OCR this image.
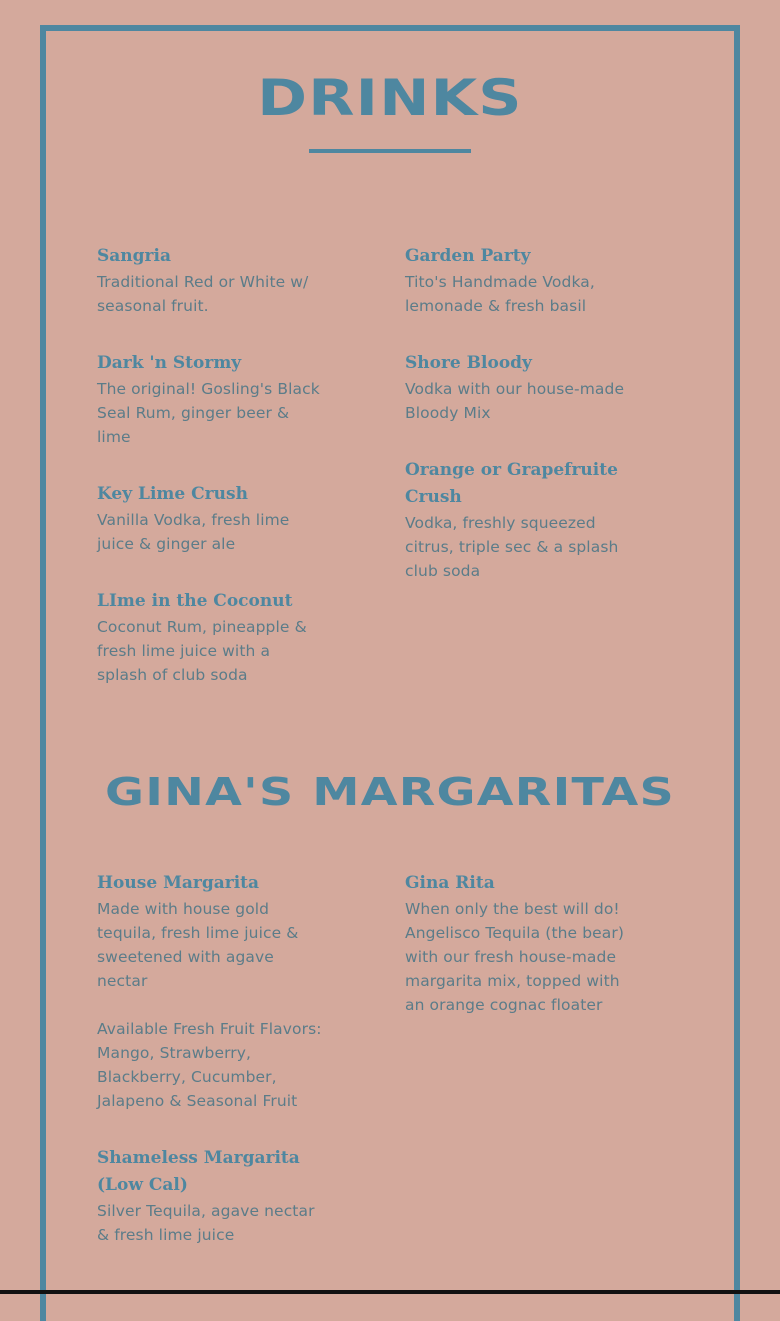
DRINKS
Sangria
Traditional Red or White w/ seasonal fruit.
Dark 'n Stormy
The original! Gosling's Black Seal Rum, ginger beer & lime
Key Lime Crush
Vanilla Vodka, fresh lime juice & ginger ale
LIme in the Coconut
Coconut Rum, pineapple & fresh lime juice with a splash of club soda
Garden Party
Tito's Handmade Vodka, lemonade & fresh basil
Shore Bloody
Vodka with our house-made Bloody Mix
Orange or Grapefruite Crush
Vodka, freshly squeezed citrus, triple sec & a splash club soda
GINA'S MARGARITAS
House Margarita
Made with house gold tequila, fresh lime juice & sweetened with agave nectar
Available Fresh Fruit Flavors: Mango, Strawberry, Blackberry, Cucumber, Jalapeno & Seasonal Fruit
Shameless Margarita (Low Cal)
Silver Tequila, agave nectar & fresh lime juice
Gina Rita
When only the best will do! Angelisco Tequila (the bear) with our fresh house-made margarita mix, topped with an orange cognac floater
